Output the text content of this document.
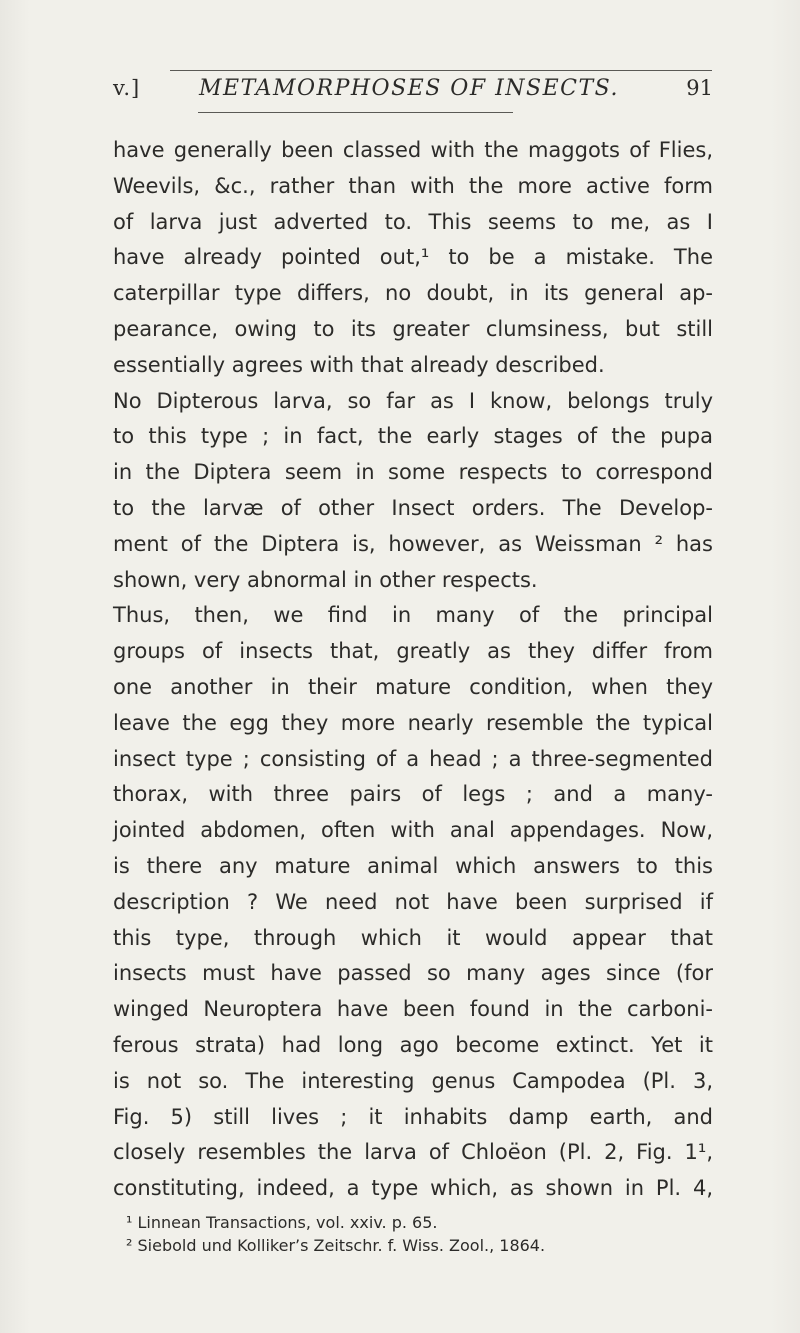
v.]	METAMORPHOSES OF INSECTS.	91
have generally been classed with the maggots of Flies,
Weevils, &c., rather than with the more active form
of larva just adverted to. This seems to me, as I
have already pointed out,¹ to be a mistake. The
caterpillar type differs, no doubt, in its general ap-
pearance, owing to its greater clumsiness, but still
essentially agrees with that already described.
No Dipterous larva, so far as I know, belongs truly
to this type ; in fact, the early stages of the pupa
in the Diptera seem in some respects to correspond
to the larvæ of other Insect orders. The Develop-
ment of the Diptera is, however, as Weissman ² has
shown, very abnormal in other respects.
Thus, then, we find in many of the principal
groups of insects that, greatly as they differ from
one another in their mature condition, when they
leave the egg they more nearly resemble the typical
insect type ; consisting of a head ; a three-segmented
thorax, with three pairs of legs ; and a many-
jointed abdomen, often with anal appendages. Now,
is there any mature animal which answers to this
description ? We need not have been surprised if
this type, through which it would appear that
insects must have passed so many ages since (for
winged Neuroptera have been found in the carboni-
ferous strata) had long ago become extinct. Yet it
is not so. The interesting genus Campodea (Pl. 3,
Fig. 5) still lives ; it inhabits damp earth, and
closely resembles the larva of Chloëon (Pl. 2, Fig. 1¹,
constituting, indeed, a type which, as shown in Pl. 4,
¹ Linnean Transactions, vol. xxiv. p. 65.
² Siebold und Kolliker’s Zeitschr. f. Wiss. Zool., 1864.
